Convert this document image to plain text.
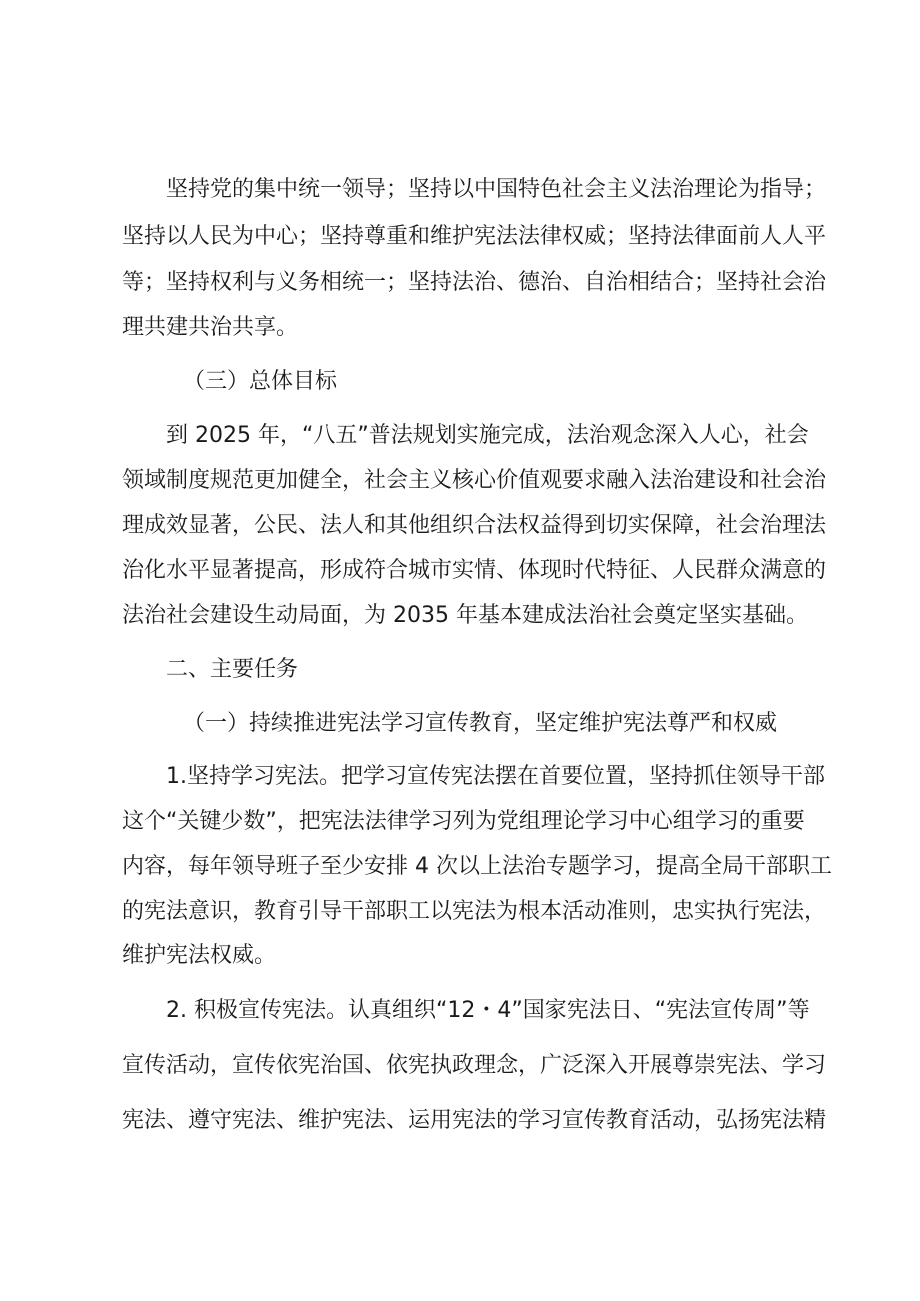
坚持党的集中统一领导；坚持以中国特色社会主义法治理论为指导；
坚持以人民为中心；坚持尊重和维护宪法法律权威；坚持法律面前人人平
等；坚持权利与义务相统一；坚持法治、德治、自治相结合；坚持社会治
理共建共治共享。
（三）总体目标
到 2025 年，“八五”普法规划实施完成，法治观念深入人心，社会
领域制度规范更加健全，社会主义核心价值观要求融入法治建设和社会治
理成效显著，公民、法人和其他组织合法权益得到切实保障，社会治理法
治化水平显著提高，形成符合城市实情、体现时代特征、人民群众满意的
法治社会建设生动局面，为 2035 年基本建成法治社会奠定坚实基础。
二、主要任务
（一）持续推进宪法学习宣传教育，坚定维护宪法尊严和权威
1.坚持学习宪法。把学习宣传宪法摆在首要位置，坚持抓住领导干部
这个“关键少数”，把宪法法律学习列为党组理论学习中心组学习的重要
内容，每年领导班子至少安排 4 次以上法治专题学习，提高全局干部职工
的宪法意识，教育引导干部职工以宪法为根本活动准则，忠实执行宪法，
维护宪法权威。
2. 积极宣传宪法。认真组织“12・4”国家宪法日、“宪法宣传周”等
宣传活动，宣传依宪治国、依宪执政理念，广泛深入开展尊崇宪法、学习
宪法、遵守宪法、维护宪法、运用宪法的学习宣传教育活动，弘扬宪法精
